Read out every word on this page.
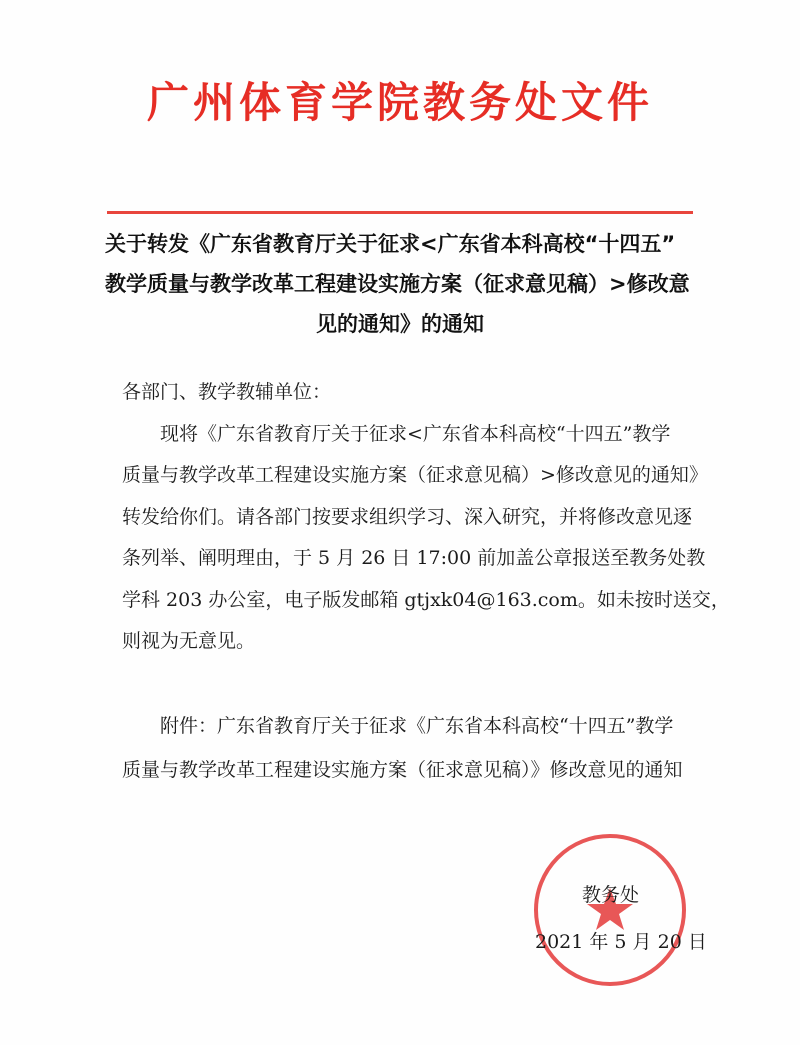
广州体育学院教务处文件
关于转发《广东省教育厅关于征求<广东省本科高校“十四五”
教学质量与教学改革工程建设实施方案（征求意见稿）>修改意
见的通知》的通知
各部门、教学教辅单位：
现将《广东省教育厅关于征求<广东省本科高校“十四五”教学
质量与教学改革工程建设实施方案（征求意见稿）>修改意见的通知》
转发给你们。请各部门按要求组织学习、深入研究，并将修改意见逐
条列举、阐明理由，于 5 月 26 日 17:00 前加盖公章报送至教务处教
学科 203 办公室，电子版发邮箱 gtjxk04@163.com。如未按时送交，
则视为无意见。
附件：广东省教育厅关于征求《广东省本科高校“十四五”教学
质量与教学改革工程建设实施方案（征求意见稿）》修改意见的通知
教务处
2021 年 5 月 20 日
